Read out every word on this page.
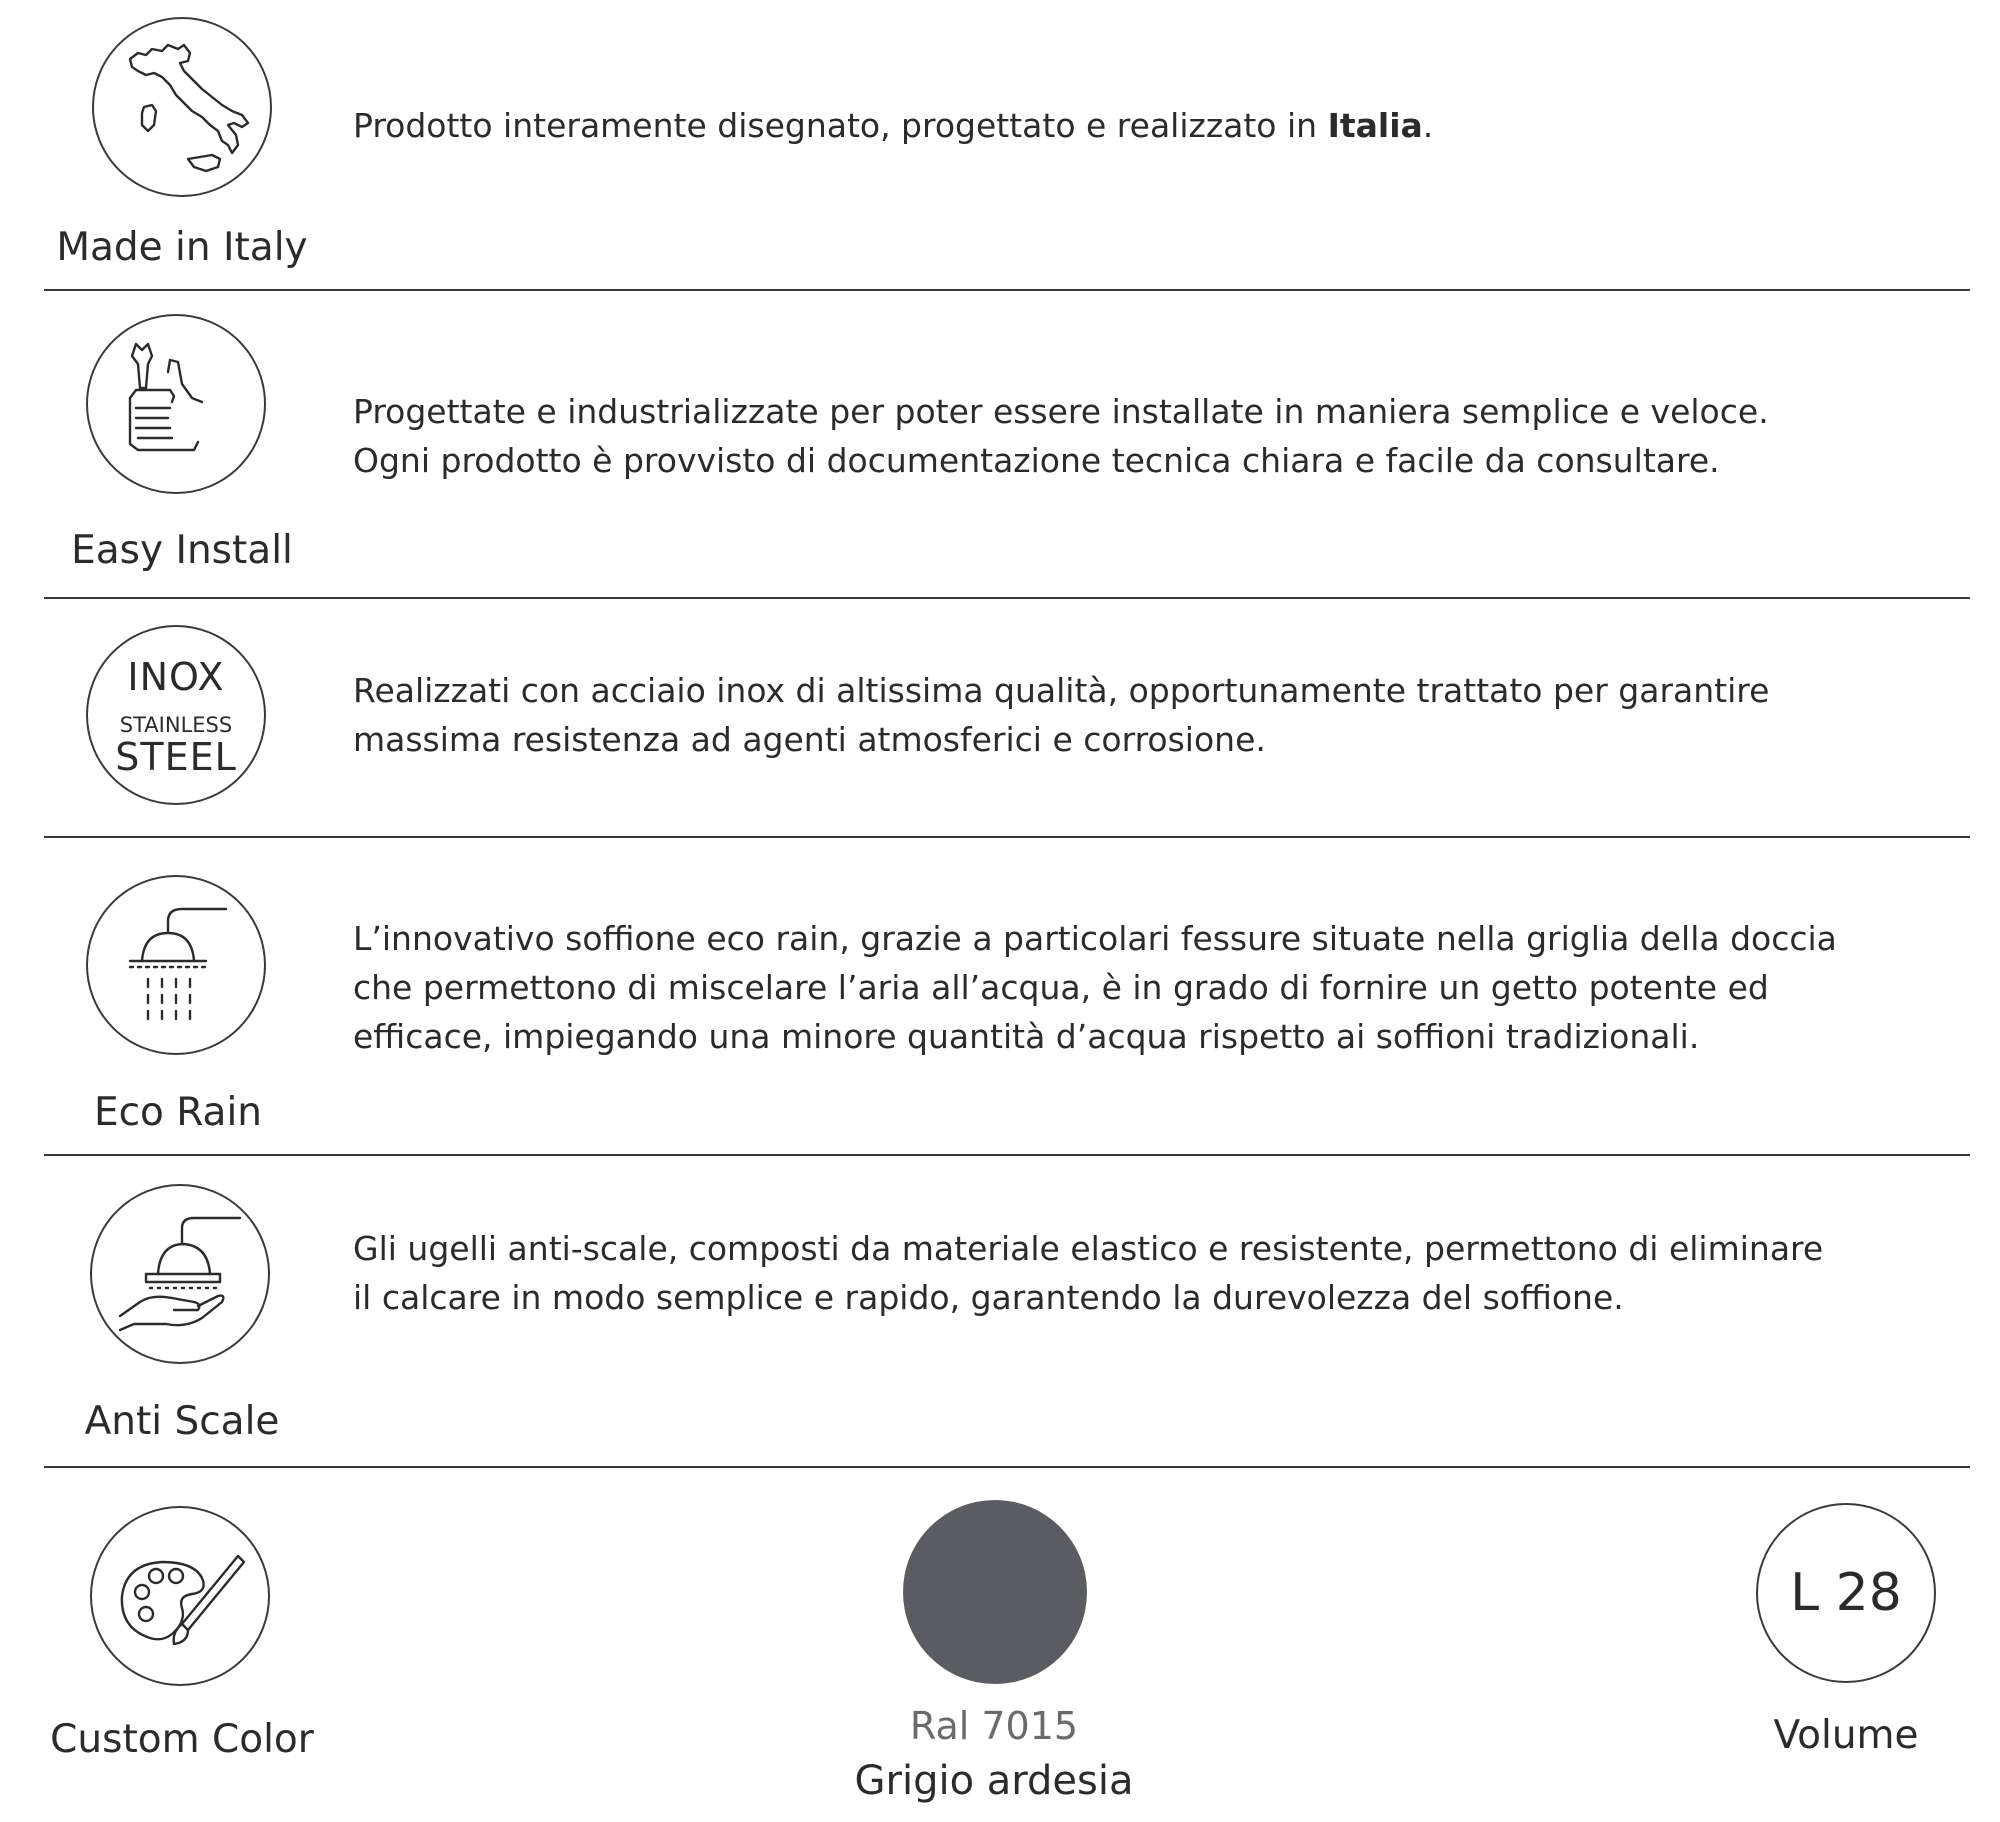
Made in Italy
Prodotto interamente disegnato, progettato e realizzato in Italia.
Easy Install
Progettate e industrializzate per poter essere installate in maniera semplice e veloce.
Ogni prodotto è provvisto di documentazione tecnica chiara e facile da consultare.
INOX
STAINLESS
STEEL
Realizzati con acciaio inox di altissima qualità, opportunamente trattato per garantire
massima resistenza ad agenti atmosferici e corrosione.
Eco Rain
L’innovativo soffione eco rain, grazie a particolari fessure situate nella griglia della doccia
che permettono di miscelare l’aria all’acqua, è in grado di fornire un getto potente ed
efficace, impiegando una minore quantità d’acqua rispetto ai soffioni tradizionali.
Anti Scale
Gli ugelli anti-scale, composti da materiale elastico e resistente, permettono di eliminare
il calcare in modo semplice e rapido, garantendo la durevolezza del soffione.
Custom Color	Ral 7015
Grigio ardesia
L 28
Volume
